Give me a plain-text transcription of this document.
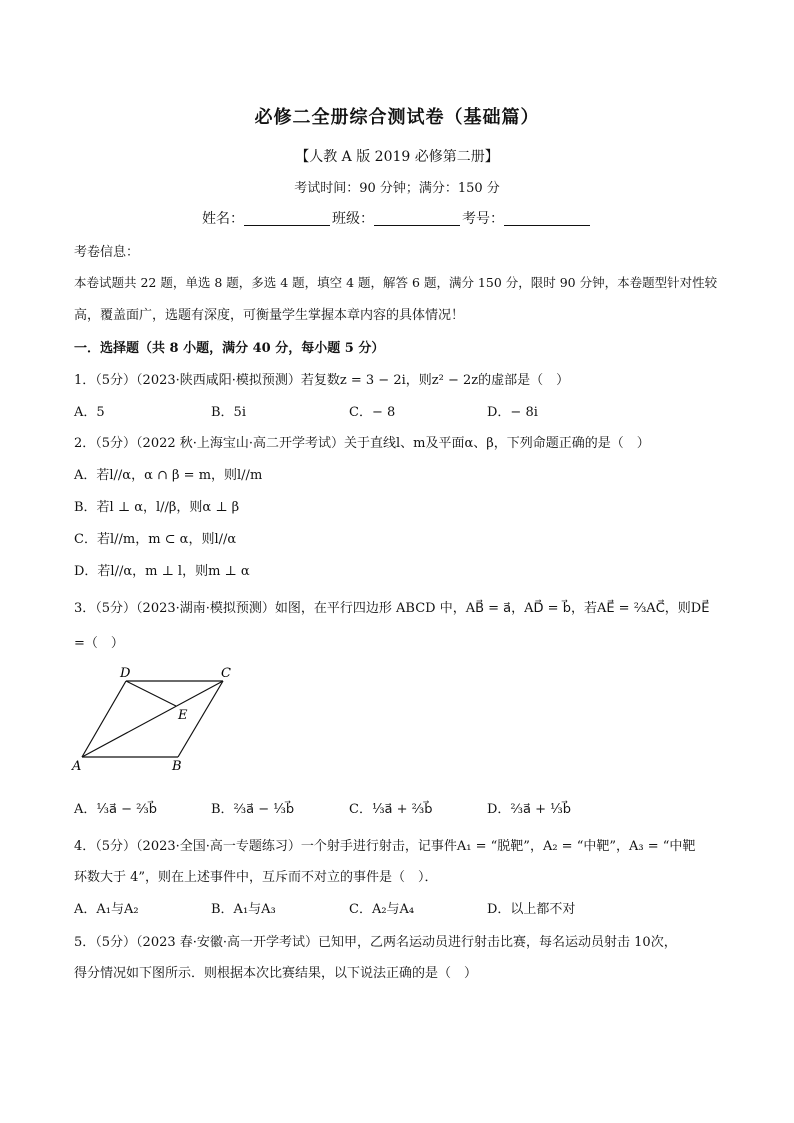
必修二全册综合测试卷（基础篇）
【人教 A 版 2019 必修第二册】
考试时间：90 分钟；满分：150 分
姓名：	班级：	考号：
考卷信息：
本卷试题共 22 题，单选 8 题，多选 4 题，填空 4 题，解答 6 题，满分 150 分，限时 90 分钟，本卷题型针对性较
高，覆盖面广，选题有深度，可衡量学生掌握本章内容的具体情况！
一．选择题（共 8 小题，满分 40 分，每小题 5 分）
1．（5分）（2023·陕西咸阳·模拟预测）若复数z = 3 − 2i，则z² − 2z的虚部是（　）
A．5	B．5i	C．− 8	D．− 8i
2．（5分）（2022 秋·上海宝山·高二开学考试）关于直线l、m及平面α、β，下列命题正确的是（　）
A．若l//α，α ∩ β = m，则l//m
B．若l ⊥ α，l//β，则α ⊥ β
C．若l//m，m ⊂ α，则l//α
D．若l//α，m ⊥ l，则m ⊥ α
3．（5分）（2023·湖南·模拟预测）如图，在平行四边形 ABCD 中，AB⃗ = a⃗，AD⃗ = b⃗，若AE⃗ = ⅔AC⃗，则DE⃗
=（　）
D	C
E
A	B
A．⅓a⃗ − ⅔b⃗	B．⅔a⃗ − ⅓b⃗	C．⅓a⃗ + ⅔b⃗	D．⅔a⃗ + ⅓b⃗
4．（5分）（2023·全国·高一专题练习）一个射手进行射击，记事件A₁ = “脱靶”，A₂ = “中靶”，A₃ = “中靶
环数大于 4”，则在上述事件中，互斥而不对立的事件是（　）．
A．A₁与A₂	B．A₁与A₃	C．A₂与A₄	D．以上都不对
5．（5分）（2023 春·安徽·高一开学考试）已知甲，乙两名运动员进行射击比赛，每名运动员射击 10次，
得分情况如下图所示．则根据本次比赛结果，以下说法正确的是（　）
